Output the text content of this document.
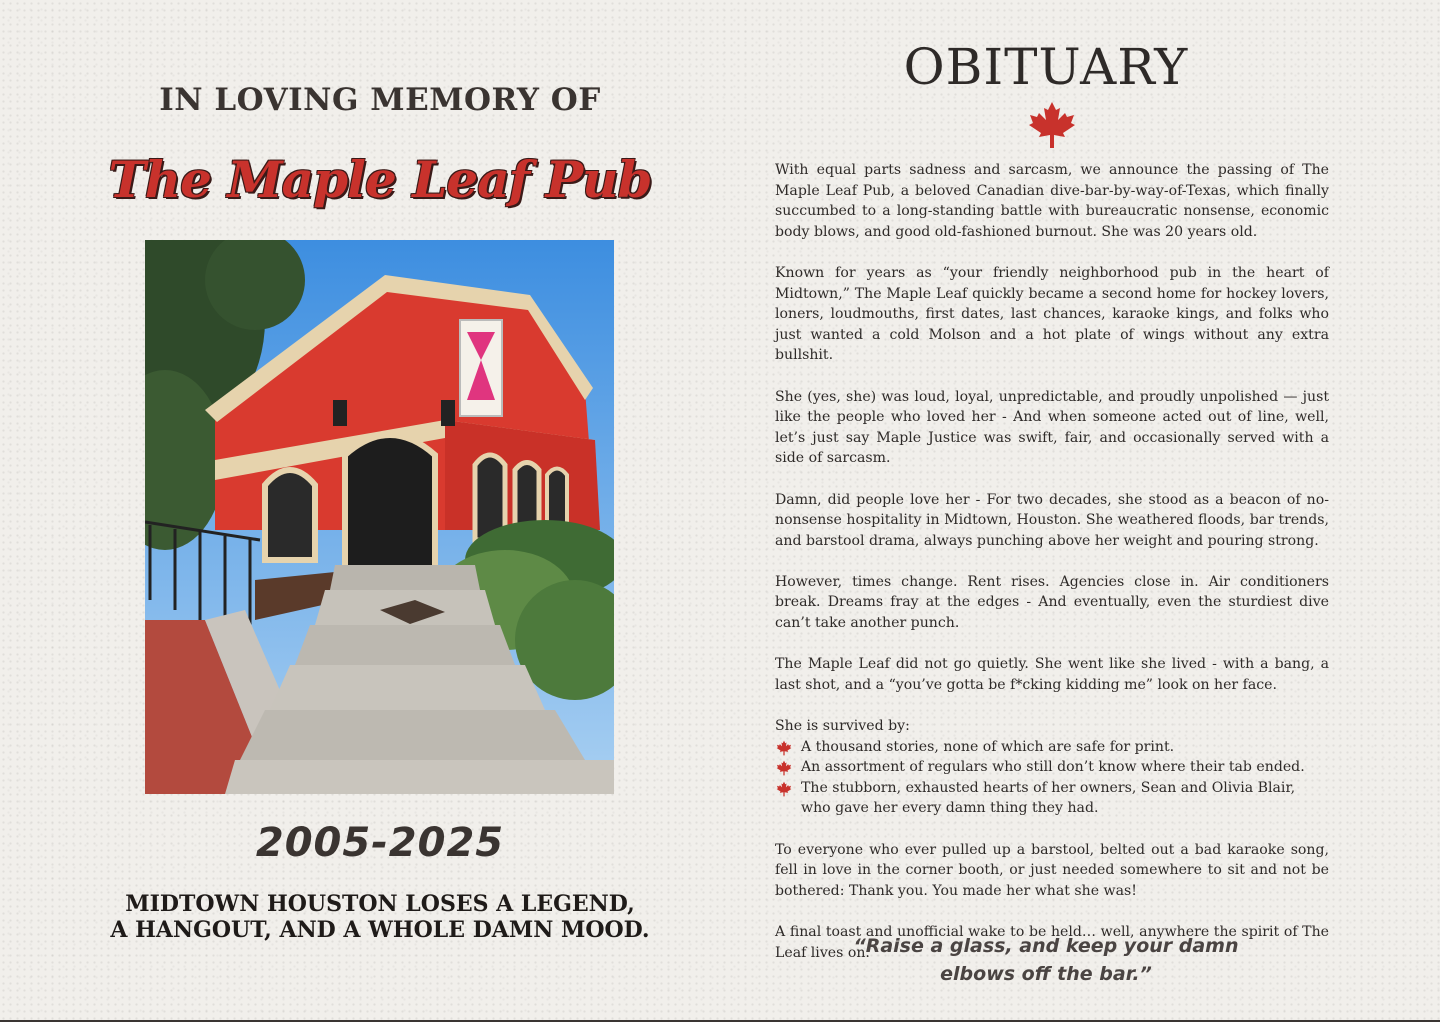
IN LOVING MEMORY OF
The Maple Leaf Pub
2005-2025
MIDTOWN HOUSTON LOSES A LEGEND,
A HANGOUT, AND A WHOLE DAMN MOOD.
OBITUARY

With equal parts sadness and sarcasm, we announce the passing of The Maple Leaf Pub, a beloved Canadian dive-bar-by-way-of-Texas, which finally succumbed to a long-standing battle with bureaucratic nonsense, economic body blows, and good old-fashioned burnout. She was 20 years old.

Known for years as “your friendly neighborhood pub in the heart of Midtown,” The Maple Leaf quickly became a second home for hockey lovers, loners, loudmouths, first dates, last chances, karaoke kings, and folks who just wanted a cold Molson and a hot plate of wings without any extra bullshit.

She (yes, she) was loud, loyal, unpredictable, and proudly unpolished — just like the people who loved her - And when someone acted out of line, well, let’s just say Maple Justice was swift, fair, and occasionally served with a side of sarcasm.

Damn, did people love her - For two decades, she stood as a beacon of no-nonsense hospitality in Midtown, Houston. She weathered floods, bar trends, and barstool drama, always punching above her weight and pouring strong.

However, times change. Rent rises. Agencies close in. Air conditioners break. Dreams fray at the edges - And eventually, even the sturdiest dive can’t take another punch.

The Maple Leaf did not go quietly. She went like she lived - with a bang, a last shot, and a “you’ve gotta be f*cking kidding me” look on her face.

She is survived by:

A thousand stories, none of which are safe for print.
An assortment of regulars who still don’t know where their tab ended.
The stubborn, exhausted hearts of her owners, Sean and Olivia Blair, who gave her every damn thing they had.

To everyone who ever pulled up a barstool, belted out a bad karaoke song, fell in love in the corner booth, or just needed somewhere to sit and not be bothered: Thank you. You made her what she was!

A final toast and unofficial wake to be held… well, anywhere the spirit of The Leaf lives on.

“Raise a glass, and keep your damn
elbows off the bar.”
